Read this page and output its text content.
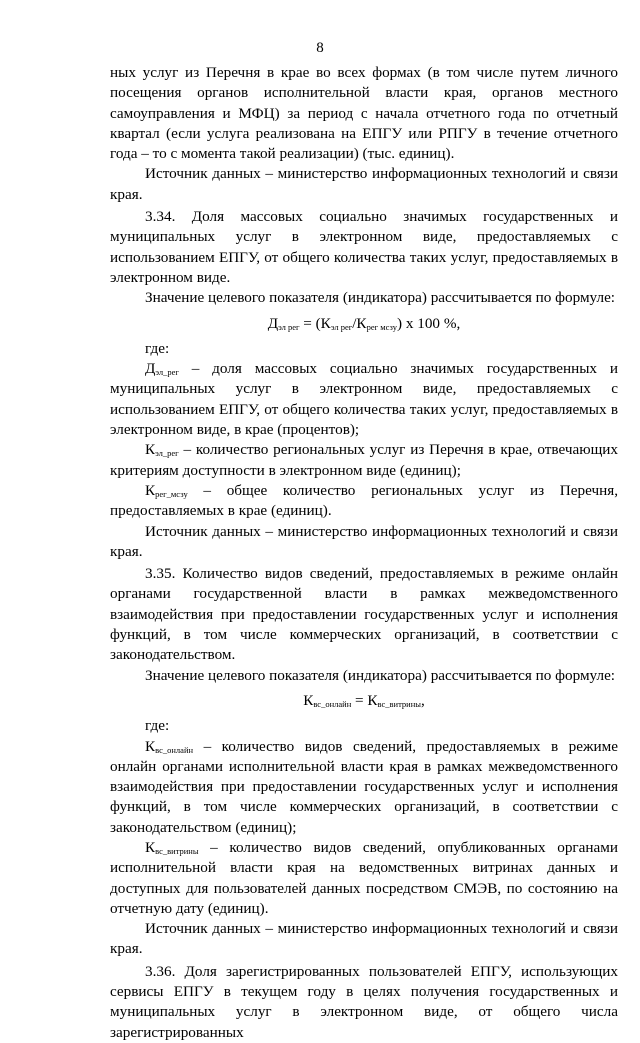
8

ных услуг из Перечня в крае во всех формах (в том числе путем личного посещения органов исполнительной власти края, органов местного самоуправления и МФЦ) за период с начала отчетного года по отчетный квартал (если услуга реализована на ЕПГУ или РПГУ в течение отчетного года – то с момента такой реализации) (тыс. единиц).

Источник данных – министерство информационных технологий и связи края.

3.34. Доля массовых социально значимых государственных и муниципальных услуг в электронном виде, предоставляемых с использованием ЕПГУ, от общего количества таких услуг, предоставляемых в электронном виде.

Значение целевого показателя (индикатора) рассчитывается по формуле:

$Д_{эл рег} = (К_{эл рег}/К_{рег мсзу})$ х 100 %,

где:

$Д_{эл\_рег}$ – доля массовых социально значимых государственных и муниципальных услуг в электронном виде, предоставляемых с использованием ЕПГУ, от общего количества таких услуг, предоставляемых в электронном виде, в крае (процентов);

$К_{эл\_рег}$ – количество региональных услуг из Перечня в крае, отвечающих критериям доступности в электронном виде (единиц);

$К_{рег\_мсзу}$ – общее количество региональных услуг из Перечня, предоставляемых в крае (единиц).

Источник данных – министерство информационных технологий и связи края.

3.35. Количество видов сведений, предоставляемых в режиме онлайн органами государственной власти в рамках межведомственного взаимодействия при предоставлении государственных услуг и исполнения функций, в том числе коммерческих организаций, в соответствии с законодательством.

Значение целевого показателя (индикатора) рассчитывается по формуле:

$К_{вс\_онлайн} = К_{вс\_витрины}$,

где:

$К_{вс\_онлайн}$ – количество видов сведений, предоставляемых в режиме онлайн органами исполнительной власти края в рамках межведомственного взаимодействия при предоставлении государственных услуг и исполнения функций, в том числе коммерческих организаций, в соответствии с законодательством (единиц);

$К_{вс\_витрины}$ – количество видов сведений, опубликованных органами исполнительной власти края на ведомственных витринах данных и доступных для пользователей данных посредством СМЭВ, по состоянию на отчетную дату (единиц).

Источник данных – министерство информационных технологий и связи края.

3.36. Доля зарегистрированных пользователей ЕПГУ, использующих сервисы ЕПГУ в текущем году в целях получения государственных и муниципальных услуг в электронном виде, от общего числа зарегистрированных
